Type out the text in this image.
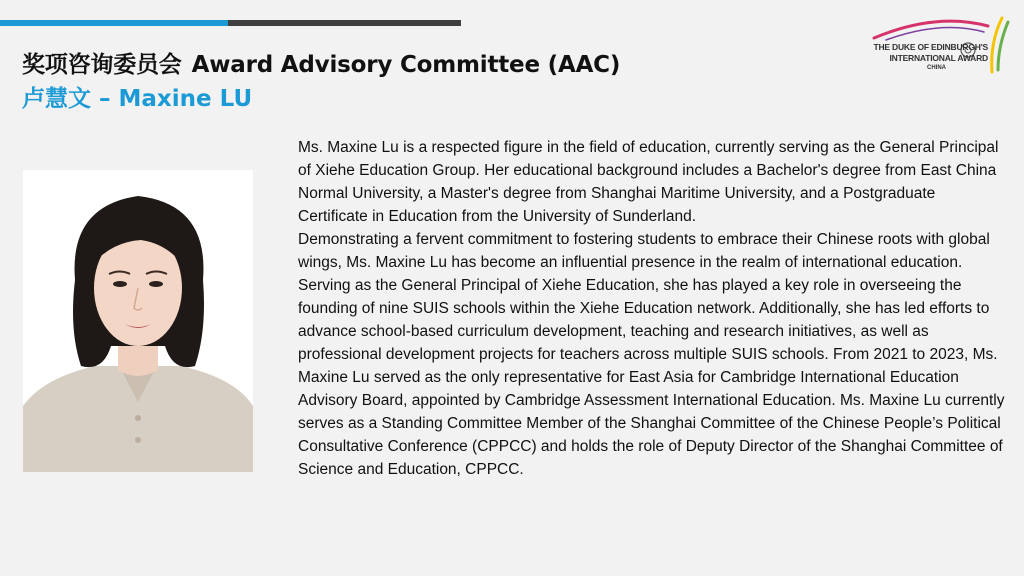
奖项咨询委员会 Award Advisory Committee (AAC)
卢慧文 – Maxine LU
THE DUKE OF EDINBURGH'S
INTERNATIONAL AWARD
CHINA

Ms. Maxine Lu is a respected figure in the field of education, currently serving as the General Principal of Xiehe Education Group. Her educational background includes a Bachelor's degree from East China Normal University, a Master's degree from Shanghai Maritime University, and a Postgraduate Certificate in Education from the University of Sunderland.

Demonstrating a fervent commitment to fostering students to embrace their Chinese roots with global wings, Ms. Maxine Lu has become an influential presence in the realm of international education. Serving as the General Principal of Xiehe Education, she has played a key role in overseeing the founding of nine SUIS schools within the Xiehe Education network. Additionally, she has led efforts to advance school-based curriculum development, teaching and research initiatives, as well as professional development projects for teachers across multiple SUIS schools. From 2021 to 2023, Ms. Maxine Lu served as the only representative for East Asia for Cambridge International Education Advisory Board, appointed by Cambridge Assessment International Education. Ms. Maxine Lu currently serves as a Standing Committee Member of the Shanghai Committee of the Chinese People’s Political Consultative Conference (CPPCC) and holds the role of Deputy Director of the Shanghai Committee of Science and Education, CPPCC.
